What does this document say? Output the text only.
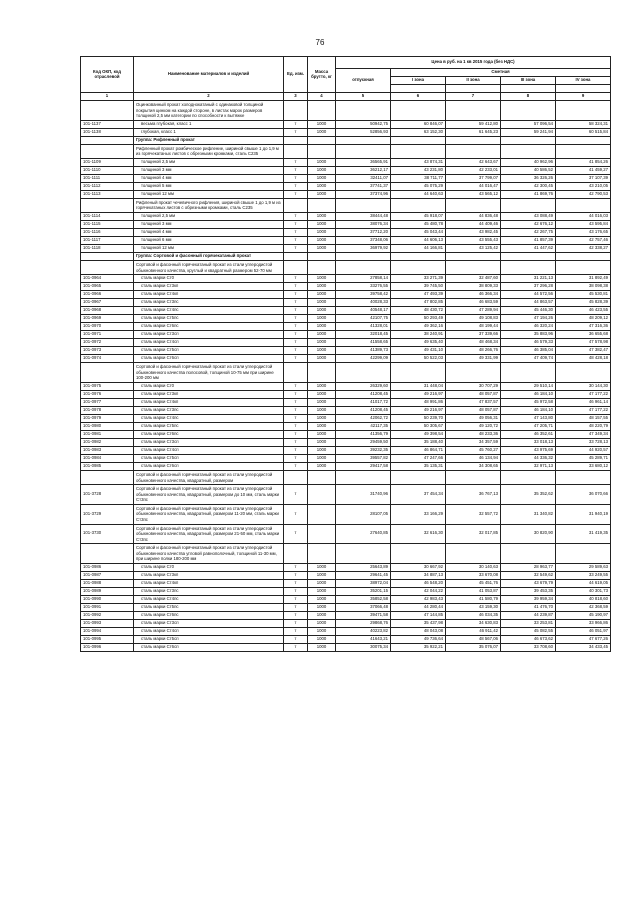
76
Код ОКП, код отраслевой	Наименование материалов и изделий	Ед. изм.	Масса брутто, кг	Цена в руб. на 1 кв 2015 года (без НДС)				
				отпускная	Сметная			
					I зона	II зона	III зона	IV зона

1	2	3	4	5	6	7	8	9
	Оцинкованный прокат холоднокатаный с одинаковой толщиной покрытия цинком на каждой стороне, в листах марок размеров толщиной 2,5 мм категории по способности к вытяжке							
101-1137	весьма глубокая, класс 1	т	1000	50942,75	60 846,07	59 412,80	57 096,54	58 324,31
101-1138	глубокая, класс 1	т	1000	52856,93	63 152,30	61 645,23	59 241,94	60 515,84
	Группа: Рифленный прокат							
	Рифленный прокат ромбическое рифление, шириной свыше 1 до 1,9 м из горячекатаных листов с обрезными кромками, сталь С235							
101-1109	толщиной 2,5 мм	т	1000	36565,91	43 874,31	42 643,67	40 962,96	41 854,26
101-1110	толщиной 3 мм	т	1000	36212,17	43 231,80	42 233,01	40 586,52	41 459,27
101-1111	толщиной 4 мм	т	1000	32411,07	38 711,77	37 799,07	36 326,26	37 107,39
101-1112	толщиной 5 мм	т	1000	37741,37	45 075,29	44 016,47	42 300,45	43 210,05
101-1113	толщиной 12 мм	т	1000	37374,96	44 640,63	43 565,12	41 869,76	42 790,53
	Рифленый прокат чечевичного рифления, шириной свыше 1 до 1,9 м из горячекатаных листов с обрезными кромками, сталь С235							
101-1114	толщиной 2,5 мм	т	1000	38444,48	45 918,07	44 836,48	43 088,49	44 016,03
101-1115	толщиной 3 мм	т	1000	38076,34	45 480,78	44 409,46	42 676,12	43 595,84
101-1116	толщиной 4 мм	т	1000	37712,20	45 043,44	43 982,45	42 267,75	43 176,65
101-1117	толщиной 6 мм	т	1000	37348,06	44 606,13	43 555,43	41 857,39	42 757,46
101-1118	толщиной 12 мм	т	1000	36979,92	44 166,81	43 125,42	41 447,62	42 338,27
	Группа: Сортовой и фасонный горячекатаный прокат							
	Сортовой и фасонный горячекатаный прокат из стали углеродистой обыкновенного качества, круглый и квадратный размером 52-70 мм							
101-0964	сталь марки Ст0	т	1000	27858,14	33 271,39	32 487,60	31 221,13	31 892,49
101-0965	сталь марки Ст3кп	т	1000	33276,55	39 745,50	38 809,33	37 296,28	38 098,38
101-0966	сталь марки Ст4кп	т	1000	39758,42	47 493,39	46 366,34	44 572,56	45 530,81
101-0967	сталь марки Ст3пс	т	1000	40028,33	47 802,85	46 683,59	44 863,57	45 828,39
101-0968	сталь марки Ст4пс	т	1000	40548,17	48 430,72	47 289,94	45 446,30	46 423,55
101-0969	сталь марки Ст5пс	т	1000	42107,75	50 293,49	49 108,83	47 194,26	48 209,12
101-0970	сталь марки Ст6пс	т	1000	41328,01	49 362,16	48 199,44	46 320,24	47 316,36
101-0971	сталь марки Ст3сп	т	1000	32018,45	38 240,91	37 339,66	35 883,96	36 655,68
101-0972	сталь марки Ст4сп	т	1000	41558,65	49 635,40	48 468,34	46 579,33	47 578,98
101-0973	сталь марки Ст5сп	т	1000	41389,73	49 431,10	48 266,76	46 385,04	47 382,47
101-0974	сталь марки Ст6сп	т	1000	42299,09	50 522,03	49 331,99	47 409,74	48 428,18
	Сортовой и фасонный горячекатаный прокат из стали углеродистой обыкновенного качества полосовой, толщиной 10-75 мм при ширине 100-200 мм							
101-0975	сталь марки Ст0	т	1000	26329,60	31 448,04	30 707,29	29 510,14	30 144,30
101-0976	сталь марки Ст3кп	т	1000	41208,45	49 216,97	48 057,87	46 184,10	47 177,22
101-0977	сталь марки Ст4кп	т	1000	41017,72	48 991,86	47 837,57	45 972,58	46 961,14
101-0978	сталь марки Ст3пс	т	1000	41208,45	49 216,97	48 057,87	46 184,10	47 177,22
101-0979	сталь марки Ст4пс	т	1000	42062,72	50 239,70	49 056,31	47 143,80	48 157,55
101-0980	сталь марки Ст5пс	т	1000	42117,35	50 305,67	49 120,72	47 205,71	48 220,79
101-0981	сталь марки Ст6пс	т	1000	41356,79	49 398,54	48 233,36	46 352,61	47 349,34
101-0982	сталь марки Ст3сп	т	1000	29459,50	35 188,40	34 357,59	33 018,13	33 728,13
101-0983	сталь марки Ст4сп	т	1000	39232,35	46 864,71	45 760,27	43 975,69	44 920,57
101-0984	сталь марки Ст5сп	т	1000	39557,82	47 247,66	46 134,94	44 336,32	45 289,71
101-0985	сталь марки Ст6сп	т	1000	29417,58	35 135,31	34 308,65	32 971,13	33 680,12
	Сортовой и фасонный горячекатаный прокат из стали углеродистой обыкновенного качества, квадратный, размером							
101-3728	Сортовой и фасонный горячекатаный прокат из стали углеродистой обыкновенного качества, квадратный, размером до 10 мм, сталь марки Ст3пс	т		31740,96	37 454,34	36 767,13	35 352,62	36 070,66
101-3729	Сортовой и фасонный горячекатаный прокат из стали углеродистой обыкновенного качества, квадратный, размером 11-20 мм, сталь марки Ст3пс	т		28107,05	33 166,29	32 557,72	31 340,82	31 940,19
101-3730	Сортовой и фасонный горячекатаный прокат из стали углеродистой обыкновенного качества, квадратный, размером 21-50 мм, сталь марки Ст3пс	т		27640,85	32 616,30	32 017,85	30 820,90	31 419,35
	Сортовой и фасонный горячекатаный прокат из стали углеродистой обыкновенного качества угловой равнополочный, толщиной 11-30 мм, при ширине полки 180-200 мм							
101-0986	сталь марки Ст0	т	1000	25643,89	30 667,92	30 140,63	28 963,77	29 589,63
101-0987	сталь марки Ст3кп	т	1000	29641,45	34 887,13	33 670,08	32 549,62	33 249,55
101-0988	сталь марки Ст4кп	т	1000	38972,04	46 548,20	45 451,76	43 679,79	44 619,05
101-0989	сталь марки Ст3пс	т	1000	35201,15	42 044,22	41 053,87	39 453,35	40 301,73
101-0990	сталь марки Ст4пс	т	1000	35852,58	42 983,43	41 580,79	39 959,34	40 818,60
101-0991	сталь марки Ст5пс	т	1000	37066,48	44 280,44	43 159,30	41 476,70	42 368,59
101-0992	сталь марки Ст6пс	т	1000	39471,58	47 144,85	46 034,35	44 239,87	45 190,97
101-0993	сталь марки Ст3сп	т	1000	29868,76	35 437,98	34 630,83	33 253,81	33 966,86
101-0994	сталь марки Ст4сп	т	1000	40223,82	48 043,08	46 911,42	45 082,55	46 051,97
101-0995	сталь марки Ст5сп	т	1000	41643,21	49 736,64	48 567,06	46 673,62	47 677,26
101-0996	сталь марки Ст6сп	т	1000	30075,34	35 922,21	35 076,07	33 708,60	34 433,45
